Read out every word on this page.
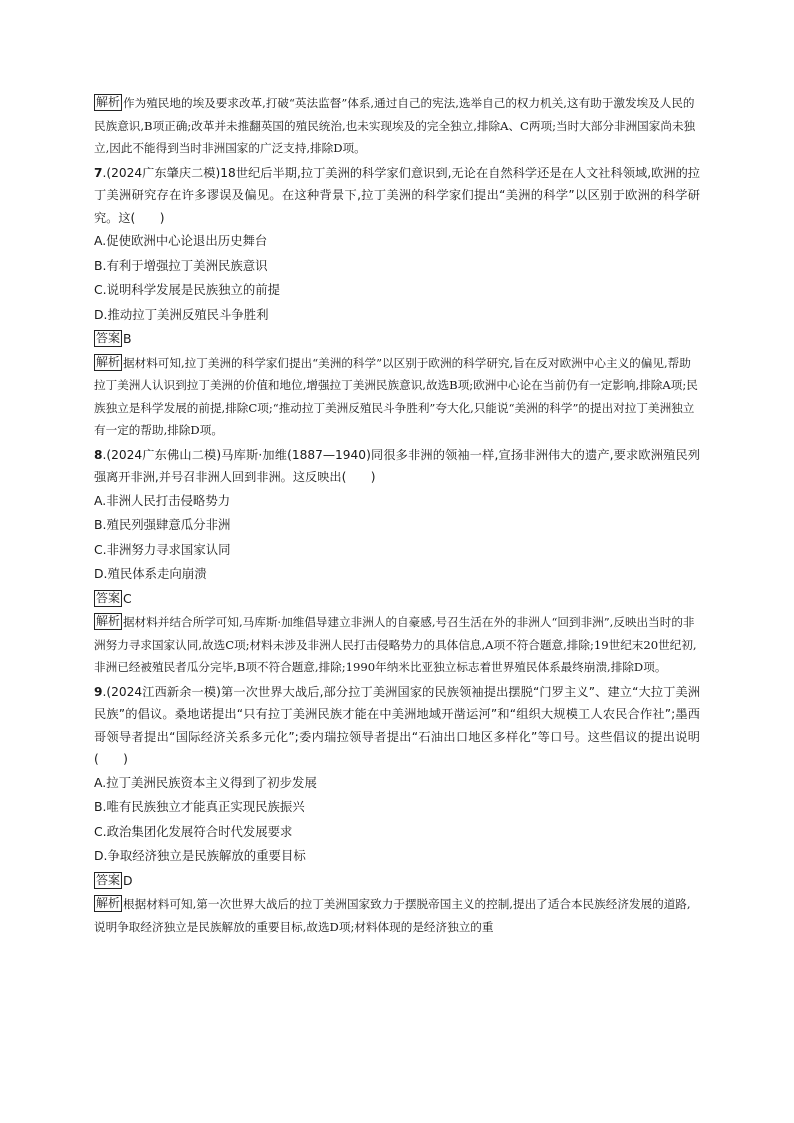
解析 作为殖民地的埃及要求改革,打破“英法监督”体系,通过自己的宪法,选举自己的权力机关,这有助于激发埃及人民的民族意识,B项正确;改革并未推翻英国的殖民统治,也未实现埃及的完全独立,排除A、C两项;当时大部分非洲国家尚未独立,因此不能得到当时非洲国家的广泛支持,排除D项。

7.(2024广东肇庆二模)18世纪后半期,拉丁美洲的科学家们意识到,无论在自然科学还是在人文社科领域,欧洲的拉丁美洲研究存在许多谬误及偏见。在这种背景下,拉丁美洲的科学家们提出“美洲的科学”以区别于欧洲的科学研究。这(　　)

A.促使欧洲中心论退出历史舞台
B.有利于增强拉丁美洲民族意识
C.说明科学发展是民族独立的前提
D.推动拉丁美洲反殖民斗争胜利
答案 B

解析 据材料可知,拉丁美洲的科学家们提出“美洲的科学”以区别于欧洲的科学研究,旨在反对欧洲中心主义的偏见,帮助拉丁美洲人认识到拉丁美洲的价值和地位,增强拉丁美洲民族意识,故选B项;欧洲中心论在当前仍有一定影响,排除A项;民族独立是科学发展的前提,排除C项;“推动拉丁美洲反殖民斗争胜利”夸大化,只能说“美洲的科学”的提出对拉丁美洲独立有一定的帮助,排除D项。

8.(2024广东佛山二模)马库斯·加维(1887—1940)同很多非洲的领袖一样,宣扬非洲伟大的遗产,要求欧洲殖民列强离开非洲,并号召非洲人回到非洲。这反映出(　　)

A.非洲人民打击侵略势力
B.殖民列强肆意瓜分非洲
C.非洲努力寻求国家认同
D.殖民体系走向崩溃
答案 C

解析 据材料并结合所学可知,马库斯·加维倡导建立非洲人的自豪感,号召生活在外的非洲人“回到非洲”,反映出当时的非洲努力寻求国家认同,故选C项;材料未涉及非洲人民打击侵略势力的具体信息,A项不符合题意,排除;19世纪末20世纪初,非洲已经被殖民者瓜分完毕,B项不符合题意,排除;1990年纳米比亚独立标志着世界殖民体系最终崩溃,排除D项。

9.(2024江西新余一模)第一次世界大战后,部分拉丁美洲国家的民族领袖提出摆脱“门罗主义”、建立“大拉丁美洲民族”的倡议。桑地诺提出“只有拉丁美洲民族才能在中美洲地域开凿运河”和“组织大规模工人农民合作社”;墨西哥领导者提出“国际经济关系多元化”;委内瑞拉领导者提出“石油出口地区多样化”等口号。这些倡议的提出说明(　　)

A.拉丁美洲民族资本主义得到了初步发展
B.唯有民族独立才能真正实现民族振兴
C.政治集团化发展符合时代发展要求
D.争取经济独立是民族解放的重要目标
答案 D

解析 根据材料可知,第一次世界大战后的拉丁美洲国家致力于摆脱帝国主义的控制,提出了适合本民族经济发展的道路,说明争取经济独立是民族解放的重要目标,故选D项;材料体现的是经济独立的重
